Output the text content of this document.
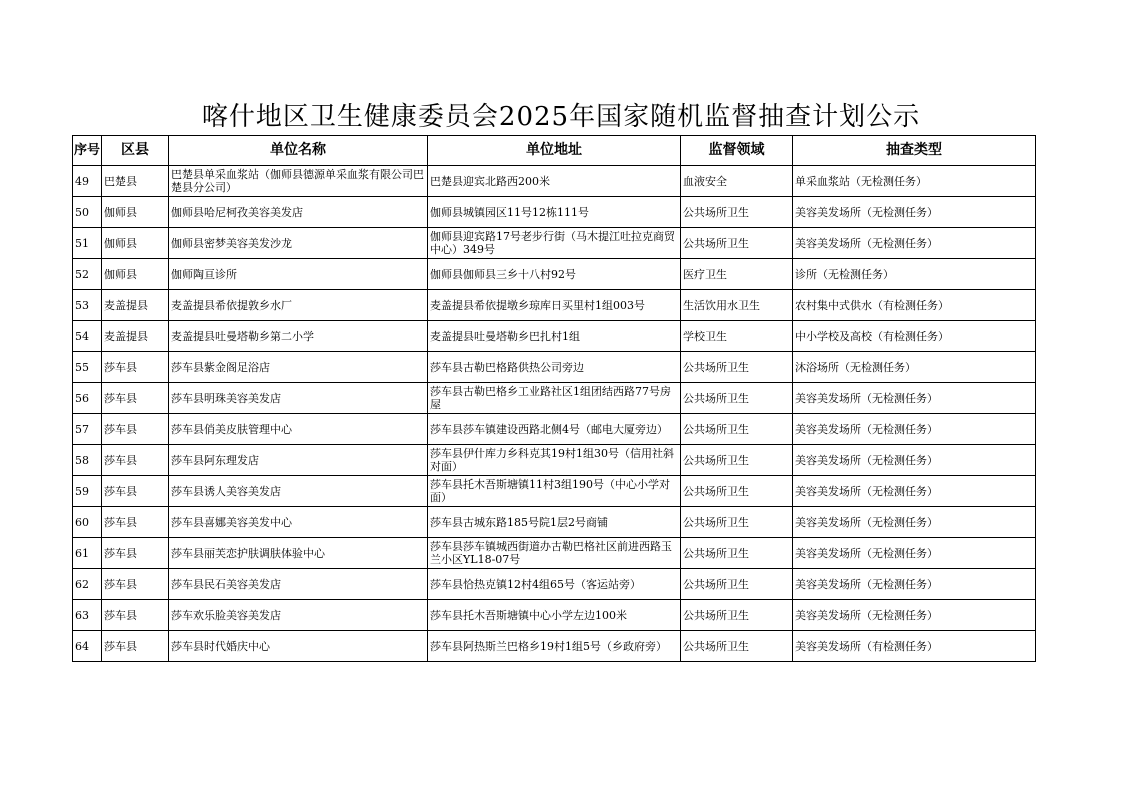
喀什地区卫生健康委员会2025年国家随机监督抽查计划公示
序号	区县	单位名称	单位地址	监督领域	抽查类型
49	巴楚县	巴楚县单采血浆站（伽师县德源单采血浆有限公司巴楚县分公司）	巴楚县迎宾北路西200米	血液安全	单采血浆站（无检测任务）
50	伽师县	伽师县哈尼柯孜美容美发店	伽师县城镇园区11号12栋111号	公共场所卫生	美容美发场所（无检测任务）
51	伽师县	伽师县密梦美容美发沙龙	伽师县迎宾路17号老步行街（马木提江吐拉克商贸中心）349号	公共场所卫生	美容美发场所（无检测任务）
52	伽师县	伽师陶亘诊所	伽师县伽师县三乡十八村92号	医疗卫生	诊所（无检测任务）
53	麦盖提县	麦盖提县希依提敦乡水厂	麦盖提县希依提墩乡琼库日买里村1组003号	生活饮用水卫生	农村集中式供水（有检测任务）
54	麦盖提县	麦盖提县吐曼塔勒乡第二小学	麦盖提县吐曼塔勒乡巴扎村1组	学校卫生	中小学校及高校（有检测任务）
55	莎车县	莎车县紫金阁足浴店	莎车县古勒巴格路供热公司旁边	公共场所卫生	沐浴场所（无检测任务）
56	莎车县	莎车县明珠美容美发店	莎车县古勒巴格乡工业路社区1组团结西路77号房屋	公共场所卫生	美容美发场所（无检测任务）
57	莎车县	莎车县俏美皮肤管理中心	莎车县莎车镇建设西路北侧4号（邮电大厦旁边）	公共场所卫生	美容美发场所（无检测任务）
58	莎车县	莎车县阿东理发店	莎车县伊什库力乡科克其19村1组30号（信用社斜对面）	公共场所卫生	美容美发场所（无检测任务）
59	莎车县	莎车县诱人美容美发店	莎车县托木吾斯塘镇11村3组190号（中心小学对面）	公共场所卫生	美容美发场所（无检测任务）
60	莎车县	莎车县喜娜美容美发中心	莎车县古城东路185号院1层2号商铺	公共场所卫生	美容美发场所（无检测任务）
61	莎车县	莎车县丽芙恋护肤调肤体验中心	莎车县莎车镇城西街道办古勒巴格社区前进西路玉兰小区YL18-07号	公共场所卫生	美容美发场所（无检测任务）
62	莎车县	莎车县民石美容美发店	莎车县恰热克镇12村4组65号（客运站旁）	公共场所卫生	美容美发场所（无检测任务）
63	莎车县	莎车欢乐脸美容美发店	莎车县托木吾斯塘镇中心小学左边100米	公共场所卫生	美容美发场所（无检测任务）
64	莎车县	莎车县时代婚庆中心	莎车县阿热斯兰巴格乡19村1组5号（乡政府旁）	公共场所卫生	美容美发场所（有检测任务）
